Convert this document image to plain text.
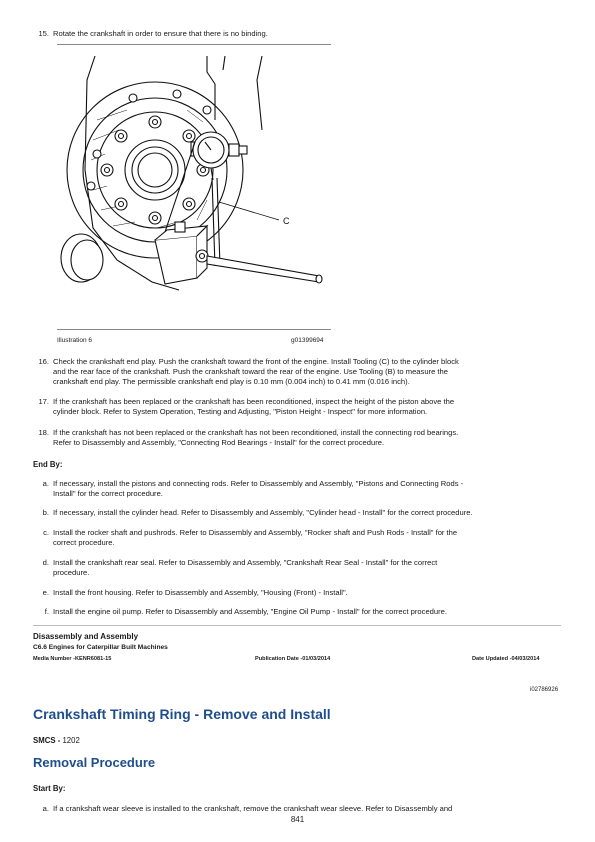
15. Rotate the crankshaft in order to ensure that there is no binding.
C
Illustration 6	g01399694
16. Check the crankshaft end play. Push the crankshaft toward the front of the engine. Install Tooling (C) to the cylinder block
and the rear face of the crankshaft. Push the crankshaft toward the rear of the engine. Use Tooling (B) to measure the
crankshaft end play. The permissible crankshaft end play is 0.10 mm (0.004 inch) to 0.41 mm (0.016 inch).
17. If the crankshaft has been replaced or the crankshaft has been reconditioned, inspect the height of the piston above the
cylinder block. Refer to System Operation, Testing and Adjusting, "Piston Height - Inspect" for more information.
18. If the crankshaft has not been replaced or the crankshaft has not been reconditioned, install the connecting rod bearings.
Refer to Disassembly and Assembly, "Connecting Rod Bearings - Install" for the correct procedure.
End By:
a. If necessary, install the pistons and connecting rods. Refer to Disassembly and Assembly, "Pistons and Connecting Rods -
Install" for the correct procedure.
b. If necessary, install the cylinder head. Refer to Disassembly and Assembly, "Cylinder head - Install" for the correct procedure.
c. Install the rocker shaft and pushrods. Refer to Disassembly and Assembly, "Rocker shaft and Push Rods - Install" for the
correct procedure.
d. Install the crankshaft rear seal. Refer to Disassembly and Assembly, "Crankshaft Rear Seal - Install" for the correct
procedure.
e. Install the front housing. Refer to Disassembly and Assembly, "Housing (Front) - Install".
f. Install the engine oil pump. Refer to Disassembly and Assembly, "Engine Oil Pump - Install" for the correct procedure.
Disassembly and Assembly
C6.6 Engines for Caterpillar Built Machines
Media Number -KENR6081-15	Publication Date -01/03/2014	Date Updated -04/03/2014
i02786926
Crankshaft Timing Ring - Remove and Install
SMCS - 1202
Removal Procedure
Start By:
a. If a crankshaft wear sleeve is installed to the crankshaft, remove the crankshaft wear sleeve. Refer to Disassembly and
841
